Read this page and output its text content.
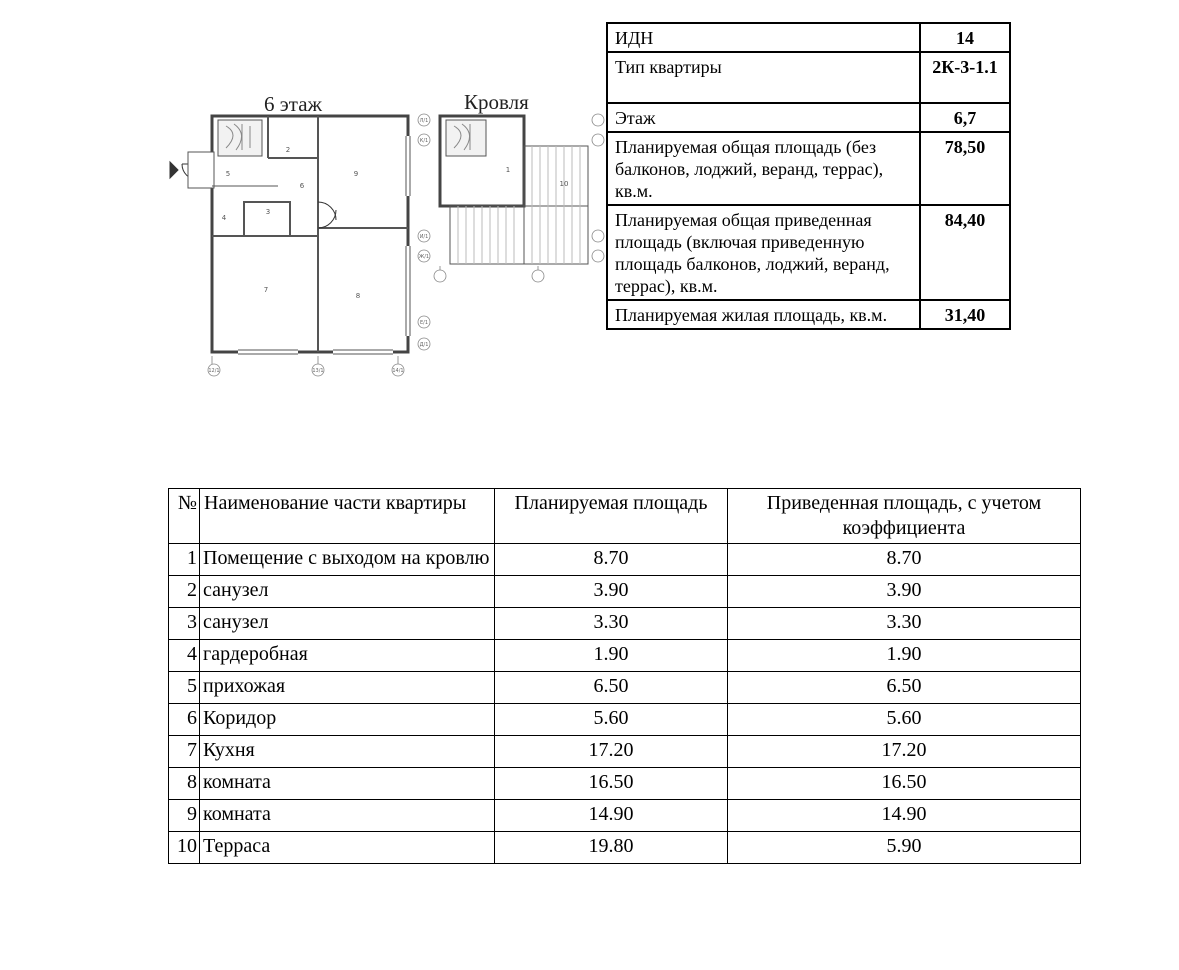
6 этаж	Кровля
Л/1
К/1
И/1
Ж/1
Е/1
Д/1
12/1	13/1	14/1
2
5
6
9
3
4
7
8
1
10
ИДН	14
Тип квартиры	2К-3-1.1
Этаж	6,7
Планируемая общая площадь (без балконов, лоджий, веранд, террас), кв.м.	78,50
Планируемая общая приведенная площадь (включая приведенную площадь балконов, лоджий, веранд, террас), кв.м.	84,40
Планируемая жилая площадь, кв.м.	31,40
№	Наименование части квартиры	Планируемая площадь	Приведенная площадь, с учетом коэффициента
1	Помещение с выходом на кровлю	8.70	8.70
2	санузел	3.90	3.90
3	санузел	3.30	3.30
4	гардеробная	1.90	1.90
5	прихожая	6.50	6.50
6	Коридор	5.60	5.60
7	Кухня	17.20	17.20
8	комната	16.50	16.50
9	комната	14.90	14.90
10	Терраса	19.80	5.90
